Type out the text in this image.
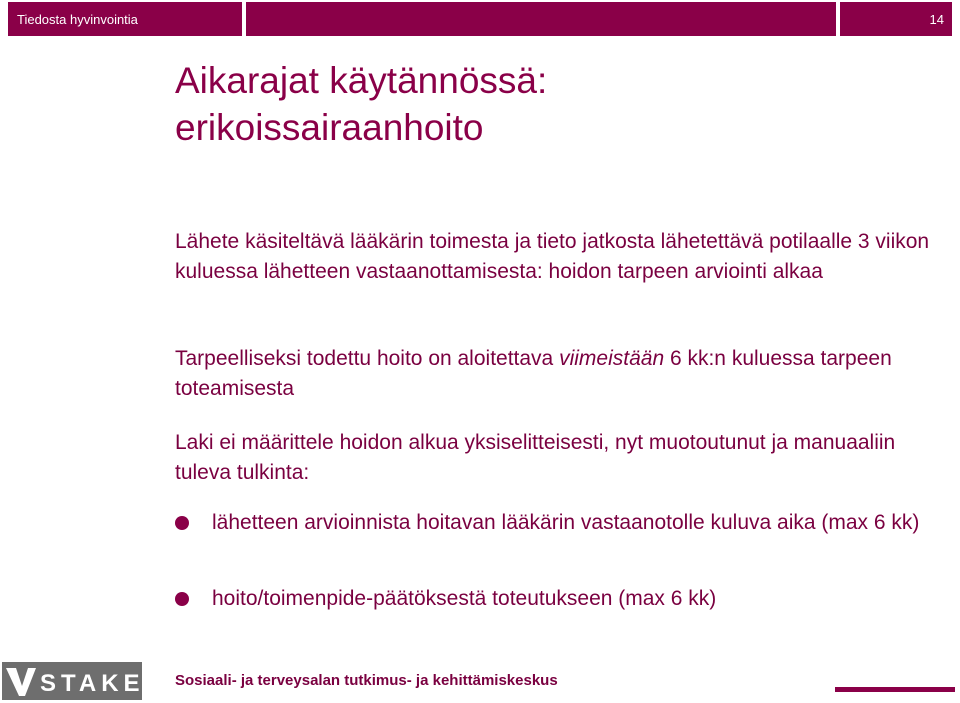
Tiedosta hyvinvointia	14
Aikarajat käytännössä:
erikoissairaanhoito

Lähete käsiteltävä lääkärin toimesta ja tieto jatkosta lähetettävä potilaalle 3 viikon kuluessa lähetteen vastaanottamisesta: hoidon tarpeen arviointi alkaa

Tarpeelliseksi todettu hoito on aloitettava viimeistään 6 kk:n kuluessa tarpeen toteamisesta

Laki ei määrittele hoidon alkua yksiselitteisesti, nyt muotoutunut ja manuaaliin tuleva tulkinta:

lähetteen arvioinnista hoitavan lääkärin vastaanotolle kuluva aika (max 6 kk)
hoito/toimenpide-päätöksestä toteutukseen (max 6 kk)
STAKES Sosiaali- ja terveysalan tutkimus- ja kehittämiskeskus
